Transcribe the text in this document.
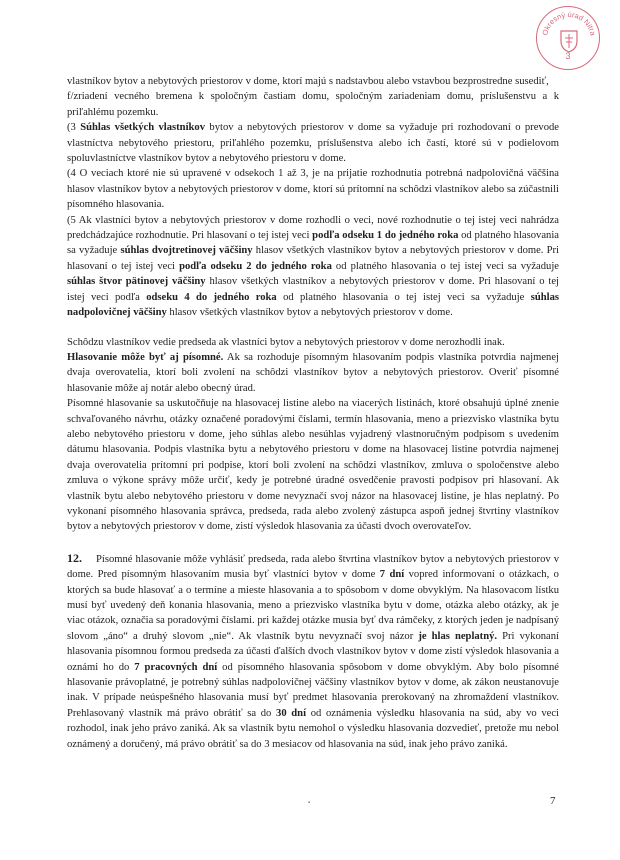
Okresný úrad Nitra
3

vlastníkov bytov a nebytových priestorov v dome, ktorí majú s nadstavbou alebo vstavbou bezprostredne susediť,

f/zriadení vecného bremena k spoločným častiam domu, spoločným zariadeniam domu, príslušenstvu a k priľahlému pozemku.

(3 Súhlas všetkých vlastníkov bytov a nebytových priestorov v dome sa vyžaduje pri rozhodovaní o prevode vlastníctva nebytového priestoru, priľahlého pozemku, príslušenstva alebo ich častí, ktoré sú v podielovom spoluvlastníctve vlastníkov bytov a nebytového priestoru v dome.

(4 O veciach ktoré nie sú upravené v odsekoch 1 až 3, je na prijatie rozhodnutia potrebná nadpolovičná väčšina hlasov vlastníkov bytov a nebytových priestorov v dome, ktorí sú prítomní na schôdzi vlastníkov alebo sa zúčastnili písomného hlasovania.

(5 Ak vlastníci bytov a nebytových priestorov v dome rozhodli o veci, nové rozhodnutie o tej istej veci nahrádza predchádzajúce rozhodnutie. Pri hlasovaní o tej istej veci podľa odseku 1 do jedného roka od platného hlasovania sa vyžaduje súhlas dvojtretinovej väčšiny hlasov všetkých vlastníkov bytov a nebytových priestorov v dome. Pri hlasovaní o tej istej veci podľa odseku 2 do jedného roka od platného hlasovania o tej istej veci sa vyžaduje súhlas štvor pätinovej väčšiny hlasov všetkých vlastníkov a nebytových priestorov v dome. Pri hlasovaní o tej istej veci podľa odseku 4 do jedného roka od platného hlasovania o tej istej veci sa vyžaduje súhlas nadpolovičnej väčšiny hlasov všetkých vlastníkov bytov a nebytových priestorov v dome.

Schôdzu vlastníkov vedie predseda ak vlastníci bytov a nebytových priestorov v dome nerozhodli inak.

Hlasovanie môže byť aj písomné. Ak sa rozhoduje písomným hlasovaním podpis vlastníka potvrdia najmenej dvaja overovatelia, ktorí boli zvolení na schôdzi vlastníkov bytov a nebytových priestorov. Overiť písomné hlasovanie môže aj notár alebo obecný úrad.

Písomné hlasovanie sa uskutočňuje na hlasovacej listine alebo na viacerých listinách, ktoré obsahujú úplné znenie schvaľovaného návrhu, otázky označené poradovými číslami, termín hlasovania, meno a priezvisko vlastníka bytu alebo nebytového priestoru v dome, jeho súhlas alebo nesúhlas vyjadrený vlastnoručným podpisom s uvedením dátumu hlasovania. Podpis vlastníka bytu a nebytového priestoru v dome na hlasovacej listine potvrdia najmenej dvaja overovatelia prítomní pri podpise, ktorí boli zvolení na schôdzi vlastníkov, zmluva o spoločenstve alebo zmluva o výkone správy môže určiť, kedy je potrebné úradné osvedčenie pravosti podpisov pri hlasovaní. Ak vlastník bytu alebo nebytového priestoru v dome nevyznačí svoj názor na hlasovacej listine, je hlas neplatný. Po vykonaní písomného hlasovania správca, predseda, rada alebo zvolený zástupca aspoň jednej štvrtiny vlastníkov bytov a nebytových priestorov v dome, zistí výsledok hlasovania za účasti dvoch overovateľov.

12. Písomné hlasovanie môže vyhlásiť predseda, rada alebo štvrtina vlastníkov bytov a nebytových priestorov v dome. Pred písomným hlasovaním musia byť vlastníci bytov v dome 7 dní vopred informovaní o otázkach, o ktorých sa bude hlasovať a o termíne a mieste hlasovania a to spôsobom v dome obvyklým. Na hlasovacom lístku musí byť uvedený deň konania hlasovania, meno a priezvisko vlastníka bytu v dome, otázka alebo otázky, ak je viac otázok, označia sa poradovými číslami. pri každej otázke musia byť dva rámčeky, z ktorých jeden je nadpísaný slovom „áno“ a druhý slovom „nie“. Ak vlastník bytu nevyznačí svoj názor je hlas neplatný. Pri vykonaní hlasovania písomnou formou predseda za účasti ďalších dvoch vlastníkov bytov v dome zistí výsledok hlasovania a oznámi ho do 7 pracovných dní od písomného hlasovania spôsobom v dome obvyklým. Aby bolo písomné hlasovanie právoplatné, je potrebný súhlas nadpolovičnej väčšiny vlastníkov bytov v dome, ak zákon neustanovuje inak. V prípade neúspešného hlasovania musí byť predmet hlasovania prerokovaný na zhromaždení vlastníkov. Prehlasovaný vlastník má právo obrátiť sa do 30 dní od oznámenia výsledku hlasovania na súd, aby vo veci rozhodol, inak jeho právo zaniká. Ak sa vlastník bytu nemohol o výsledku hlasovania dozvedieť, pretože mu nebol oznámený a doručený, má právo obrátiť sa do 3 mesiacov od hlasovania na súd, inak jeho právo zaniká.

▪	7
